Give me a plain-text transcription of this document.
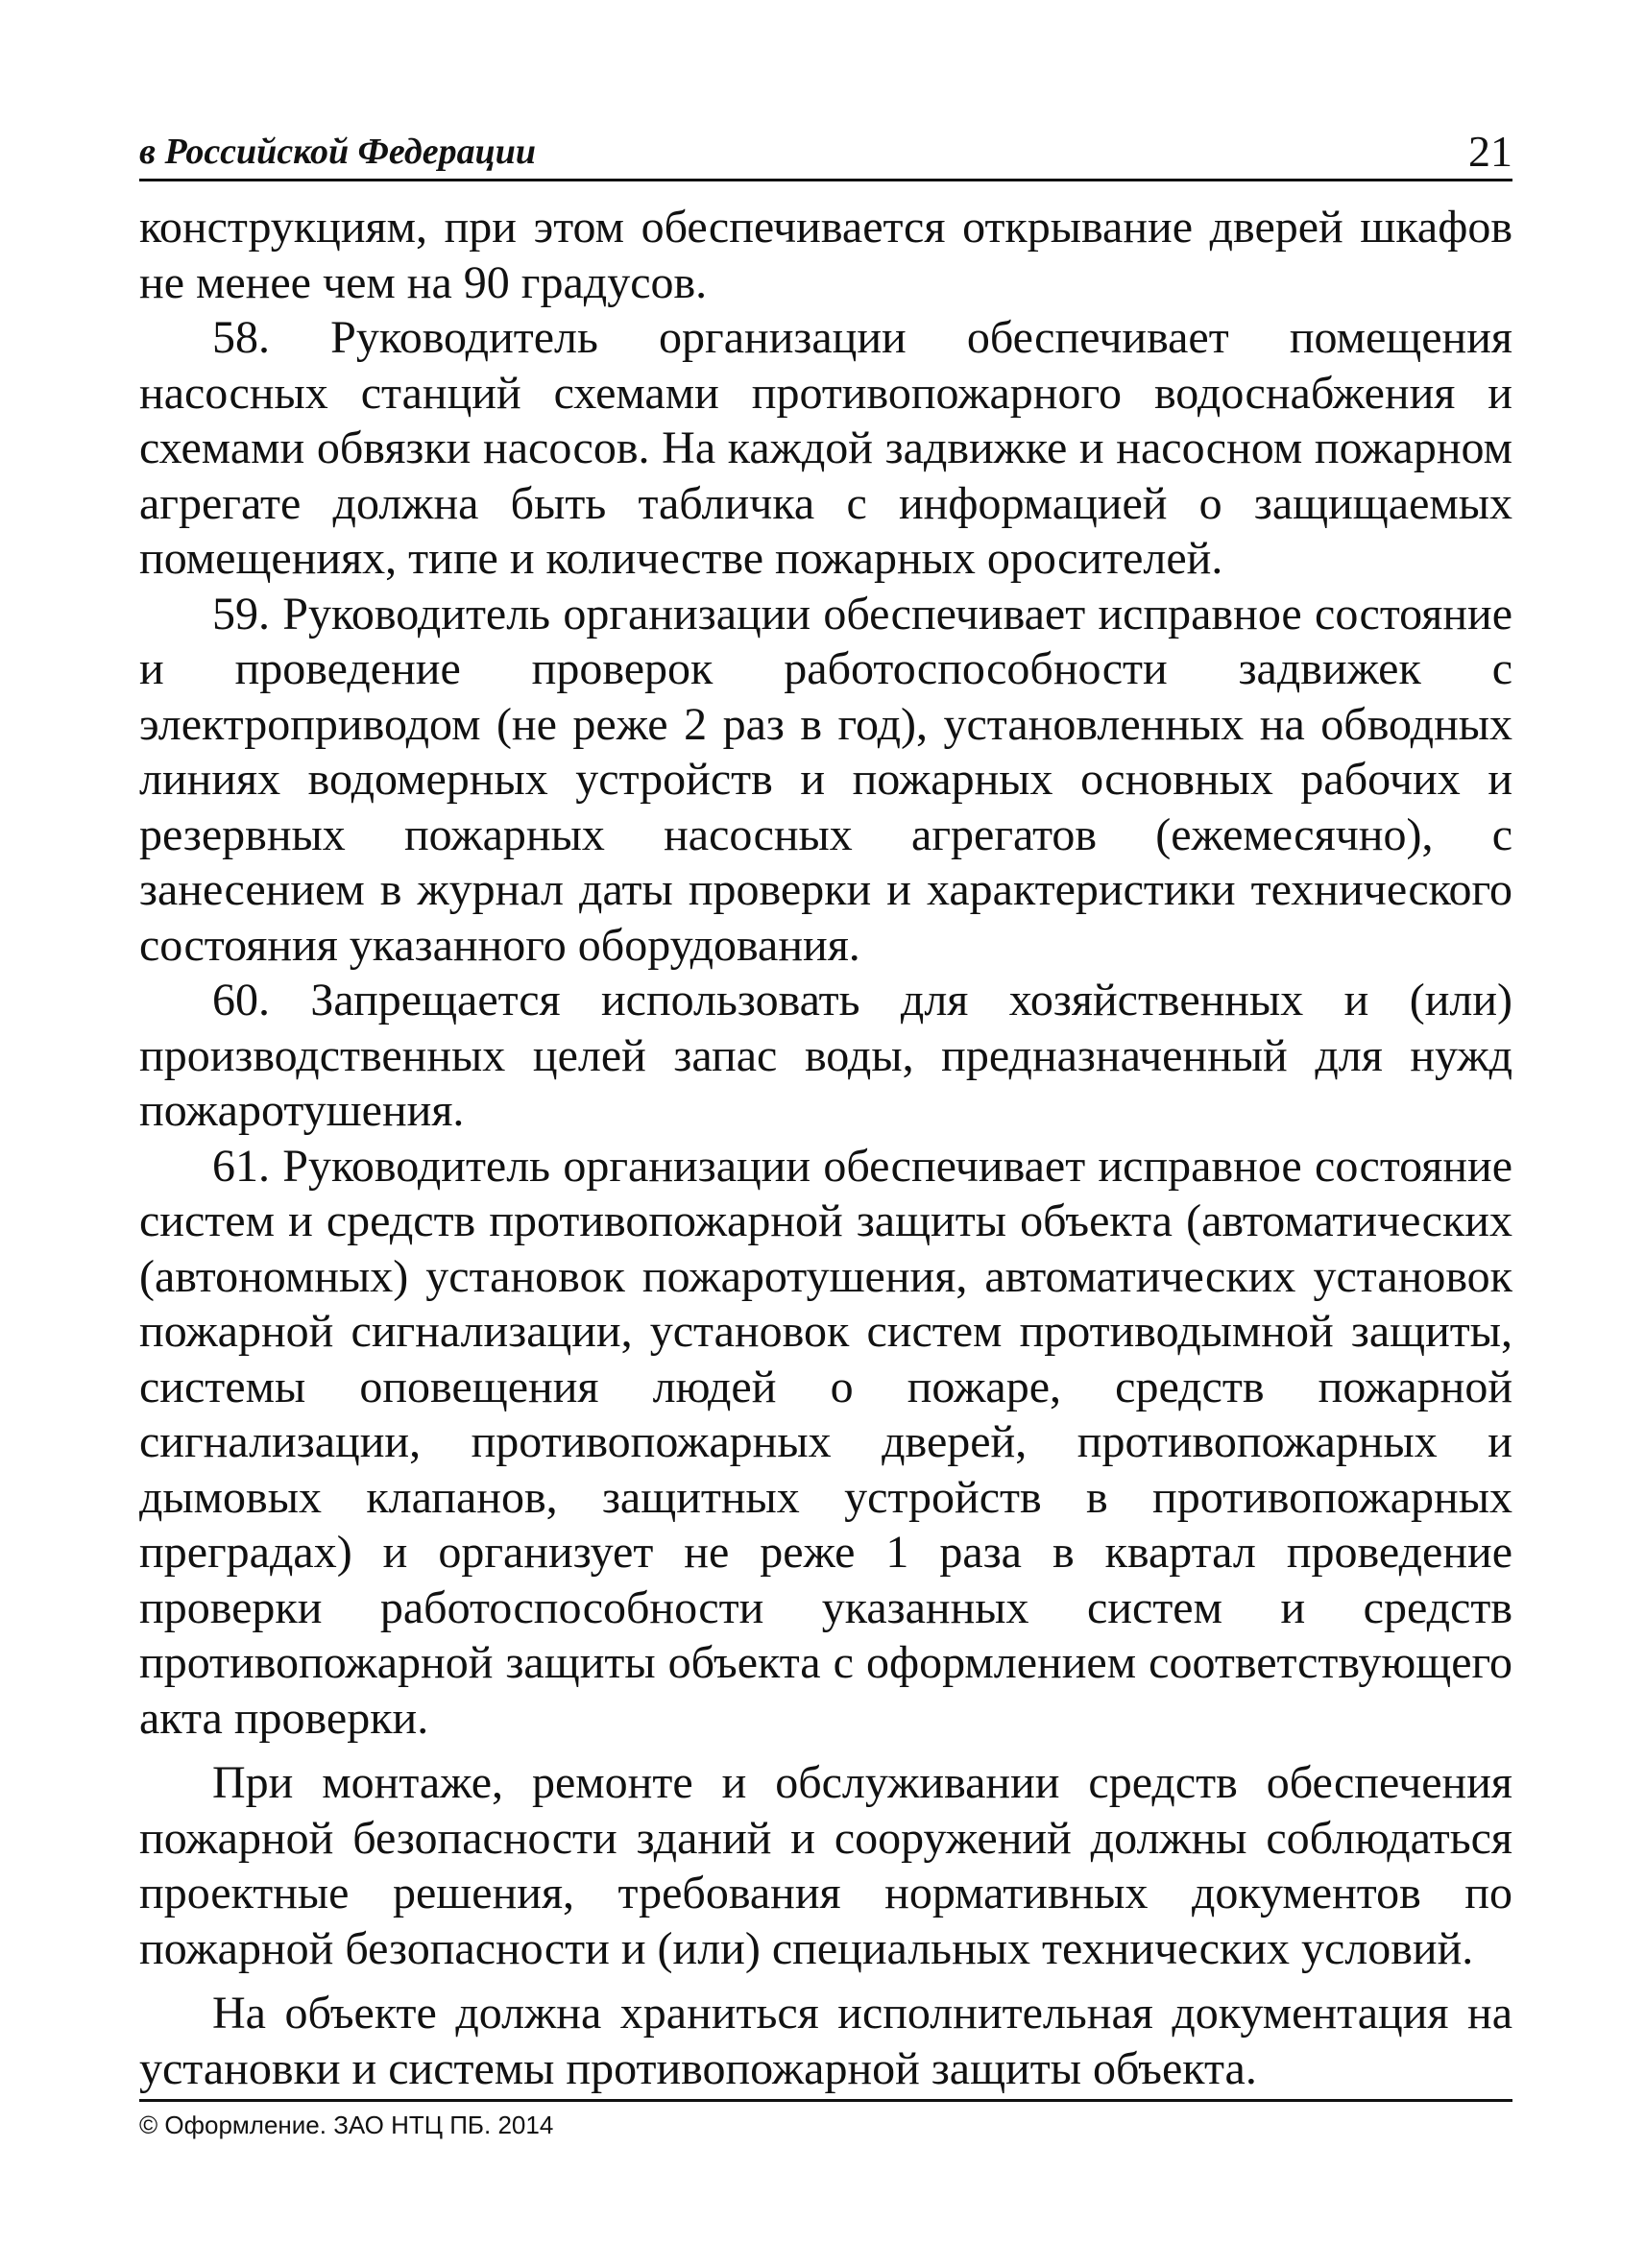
в Российской Федерации	21

конструкциям, при этом обеспечивается открывание дверей шкафов не менее чем на 90 градусов.

58. Руководитель организации обеспечивает помещения насосных станций схемами противопожарного водоснабжения и схемами обвязки насосов. На каждой задвижке и насосном пожарном агрегате должна быть табличка с информацией о защищаемых помещениях, типе и количестве пожарных оросителей.

59. Руководитель организации обеспечивает исправное состояние и проведение проверок работоспособности задвижек с электроприводом (не реже 2 раз в год), установленных на обводных линиях водомерных устройств и пожарных основных рабочих и резервных пожарных насосных агрегатов (ежемесячно), с занесением в журнал даты проверки и характеристики технического состояния указанного оборудования.

60. Запрещается использовать для хозяйственных и (или) производственных целей запас воды, предназначенный для нужд пожаротушения.

61. Руководитель организации обеспечивает исправное состояние систем и средств противопожарной защиты объекта (автоматических (автономных) установок пожаротушения, автоматических установок пожарной сигнализации, установок систем противодымной защиты, системы оповещения людей о пожаре, средств пожарной сигнализации, противопожарных дверей, противопожарных и дымовых клапанов, защитных устройств в противопожарных преградах) и организует не реже 1 раза в квартал проведение проверки работоспособности указанных систем и средств противопожарной защиты объекта с оформлением соответствующего акта проверки.

При монтаже, ремонте и обслуживании средств обеспечения пожарной безопасности зданий и сооружений должны соблюдаться проектные решения, требования нормативных документов по пожарной безопасности и (или) специальных технических условий.

На объекте должна храниться исполнительная документация на установки и системы противопожарной защиты объекта.

© Оформление. ЗАО НТЦ ПБ. 2014
